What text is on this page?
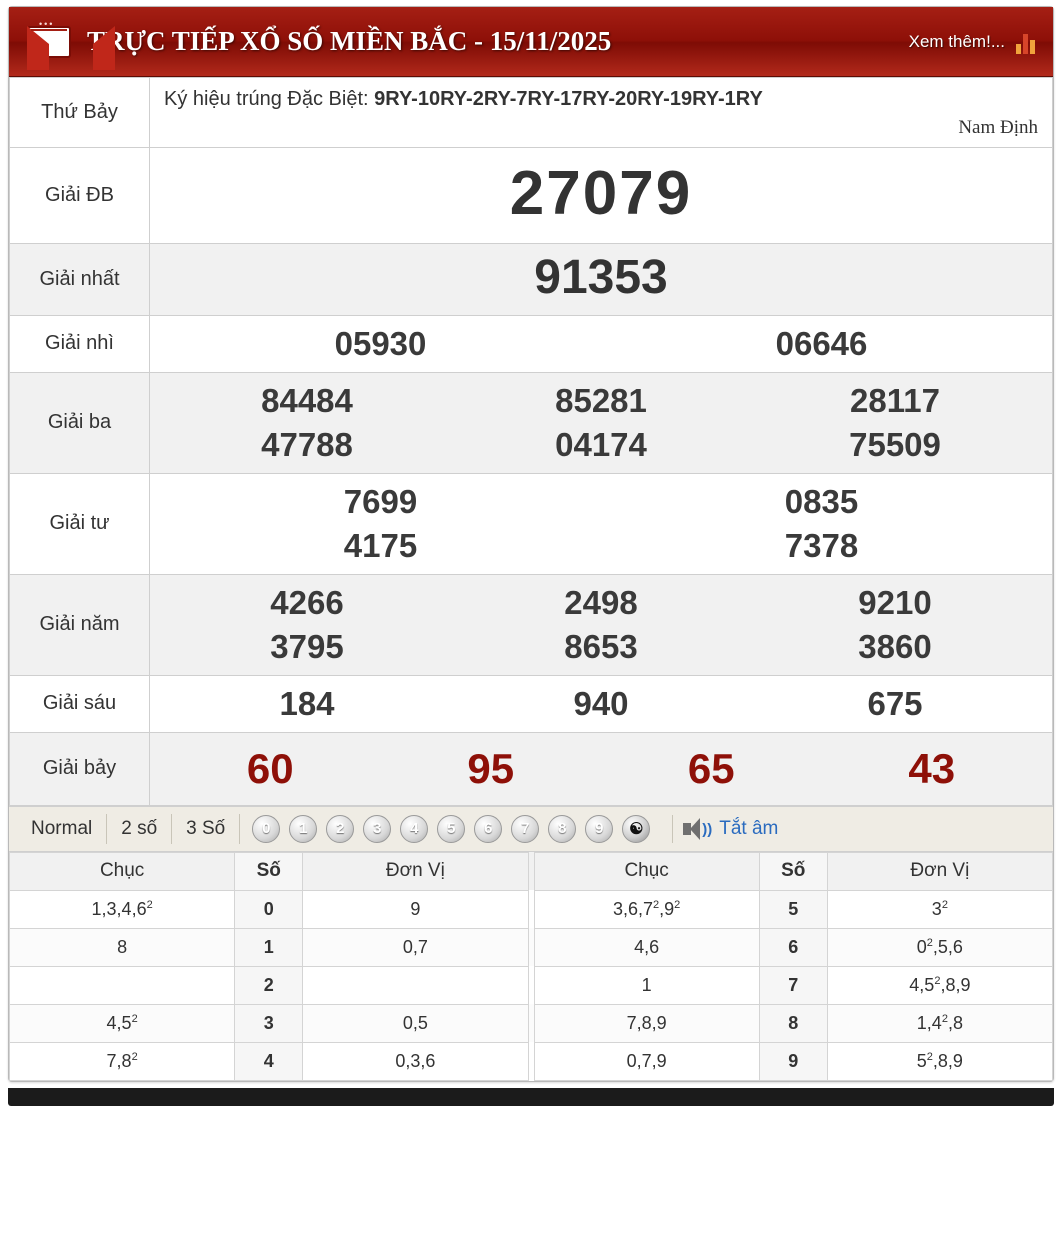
•••
TRỰC TIẾP XỔ SỐ MIỀN BẮC - 15/11/2025	Xem thêm!...
Thứ Bảy	Ký hiệu trúng Đặc Biệt: 9RY-10RY-2RY-7RY-17RY-20RY-19RY-1RY
Nam Định

Giải ĐB	27079
Giải nhất	91353
Giải nhì	05930 06646

Giải ba	
84484	85281	28117
47788	04174	75509

Giải tư	7699 0835
4175 7378

Giải năm	
4266	2498	9210
3795	8653	3860

Giải sáu	184 940 675

Giải bảy	60 95 65 43
Normal	2 số	3 Số	0	1	2	3	4	5	6	7	8	9	☯	)) Tắt âm
Chục	Số	Đơn Vị		Chục	Số	Đơn Vị
1,3,4,6$^2$	0	9		$3,6,7^2,9^2$	5	$3^2$
8	1	0,7		4,6	6	$0^2,5,6$
	2			1	7	$4,5^2,8,9$
$4,5^2$	3	0,5		7,8,9	8	$1,4^2,8$
$7,8^2$	4	0,3,6		0,7,9	9	$5^2,8,9$
